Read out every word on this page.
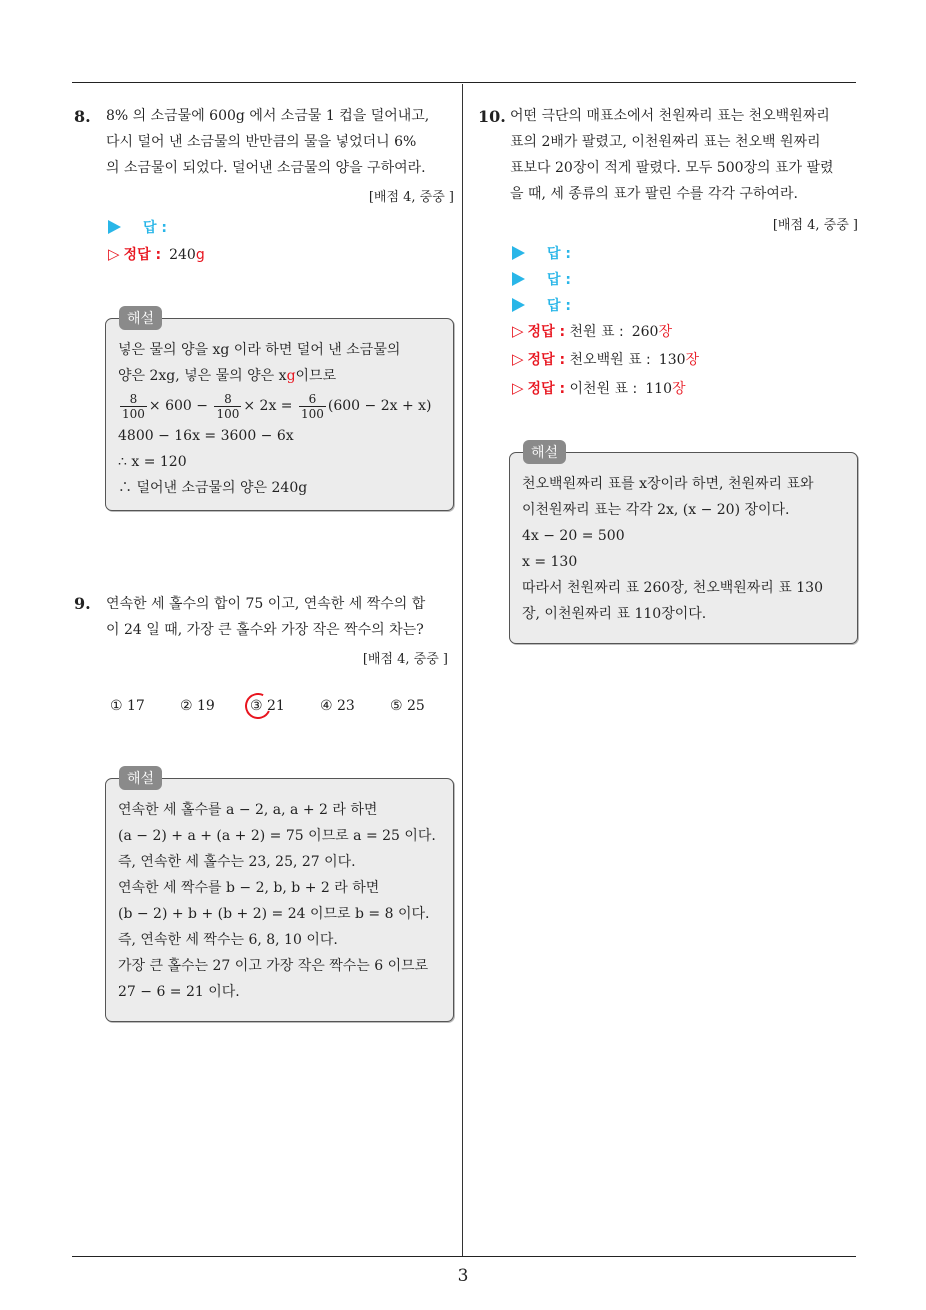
3
8. 8% 의 소금물에 600g 에서 소금물 1 컵을 덜어내고,
다시 덜어 낸 소금물의 반만큼의 물을 넣었더니 6%
의 소금물이 되었다. 덜어낸 소금물의 양을 구하여라.
[배점 4, 중중 ]
답 :
▷ 정답 : 240g
해설
넣은 물의 양을 xg 이라 하면 덜어 낸 소금물의
양은 2xg, 넣은 물의 양은 xg이므로
$\frac{8}{100} \times 600 - \frac{8}{100} \times 2x = \frac{6}{100} (600 - 2x + x)$
4800 − 16x = 3600 − 6x
∴ x = 120
∴ 덜어낸 소금물의 양은 240g
9. 연속한 세 홀수의 합이 75 이고, 연속한 세 짝수의 합
이 24 일 때, 가장 큰 홀수와 가장 작은 짝수의 차는?
[배점 4, 중중 ]
① 17	② 19	③ 21	④ 23	⑤ 25
해설
연속한 세 홀수를 a − 2, a, a + 2 라 하면
(a − 2) + a + (a + 2) = 75 이므로 a = 25 이다.
즉, 연속한 세 홀수는 23, 25, 27 이다.
연속한 세 짝수를 b − 2, b, b + 2 라 하면
(b − 2) + b + (b + 2) = 24 이므로 b = 8 이다.
즉, 연속한 세 짝수는 6, 8, 10 이다.
가장 큰 홀수는 27 이고 가장 작은 짝수는 6 이므로
27 − 6 = 21 이다.
10. 어떤 극단의 매표소에서 천원짜리 표는 천오백원짜리
표의 2배가 팔렸고, 이천원짜리 표는 천오백 원짜리
표보다 20장이 적게 팔렸다. 모두 500장의 표가 팔렸
을 때, 세 종류의 표가 팔린 수를 각각 구하여라.
[배점 4, 중중 ]
답 :
답 :
답 :
▷ 정답 : 천원 표 : 260장
▷ 정답 : 천오백원 표 : 130장
▷ 정답 : 이천원 표 : 110장
해설
천오백원짜리 표를 x장이라 하면, 천원짜리 표와
이천원짜리 표는 각각 2x, (x − 20) 장이다.
4x − 20 = 500
x = 130
따라서 천원짜리 표 260장, 천오백원짜리 표 130
장, 이천원짜리 표 110장이다.
